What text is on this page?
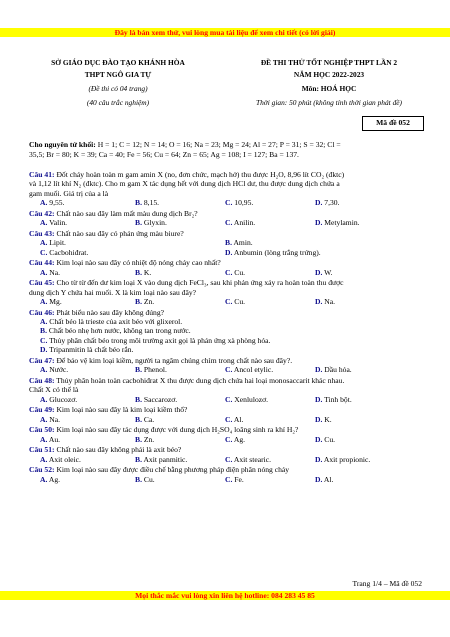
Đây là bản xem thử, vui lòng mua tài liệu để xem chi tiết (có lời giải)
SỞ GIÁO DỤC ĐÀO TẠO KHÁNH HÒA
THPT NGÔ GIA TỰ
(Đề thi có 04 trang)
(40 câu trắc nghiệm)
ĐỀ THI THỬ TỐT NGHIỆP THPT LẦN 2
NĂM HỌC 2022-2023
Môn: HOÁ HỌC
Thời gian: 50 phút (không tính thời gian phát đề)
Mã đề 052
Cho nguyên tử khối: H = 1; C = 12; N = 14; O = 16; Na = 23; Mg = 24; Al = 27; P = 31; S = 32; Cl =
35,5; Br = 80; K = 39; Ca = 40; Fe = 56; Cu = 64; Zn = 65; Ag = 108; I = 127; Ba = 137.
Câu 41: Đốt cháy hoàn toàn m gam amin X (no, đơn chức, mạch hở) thu được H₂O, 8,96 lít CO₂ (đktc)
và 1,12 lít khí N₂ (đktc). Cho m gam X tác dụng hết với dung dịch HCl dư, thu được dung dịch chứa a
gam muối. Giá trị của a là
A. 9,55.	B. 8,15.	C. 10,95.	D. 7,30.
Câu 42: Chất nào sau đây làm mất màu dung dịch Br₂?
A. Valin.	B. Glyxin.	C. Anilin.	D. Metylamin.
Câu 43: Chất nào sau đây có phản ứng màu biure?
A. Lipit.	B. Amin.
C. Cacbohiđrat.	D. Anbumin (lòng trắng trứng).
Câu 44: Kim loại nào sau đây có nhiệt độ nóng chảy cao nhất?
A. Na.	B. K.	C. Cu.	D. W.
Câu 45: Cho từ từ đến dư kim loại X vào dung dịch FeCl₃, sau khi phản ứng xảy ra hoàn toàn thu được
dung dịch Y chứa hai muối. X là kim loại nào sau đây?
A. Mg.	B. Zn.	C. Cu.	D. Na.
Câu 46: Phát biểu nào sau đây không đúng?
A. Chất béo là trieste của axit béo với glixerol.
B. Chất béo nhẹ hơn nước, không tan trong nước.
C. Thủy phân chất béo trong môi trường axit gọi là phản ứng xà phòng hóa.
D. Tripanmitin là chất béo rắn.
Câu 47: Để bảo vệ kim loại kiềm, người ta ngâm chúng chìm trong chất nào sau đây?.
A. Nước.	B. Phenol.	C. Ancol etylic.	D. Dầu hỏa.
Câu 48: Thủy phân hoàn toàn cacbohiđrat X thu được dung dịch chứa hai loại monosaccarit khác nhau.
Chất X có thể là
A. Glucozơ.	B. Saccarozơ.	C. Xenlulozơ.	D. Tinh bột.
Câu 49: Kim loại nào sau đây là kim loại kiềm thổ?
A. Na.	B. Ca.	C. Al.	D. K.
Câu 50: Kim loại nào sau đây tác dụng được với dung dịch H₂SO₄ loãng sinh ra khí H₂?
A. Au.	B. Zn.	C. Ag.	D. Cu.
Câu 51: Chất nào sau đây không phải là axit béo?
A. Axit oleic.	B. Axit panmitic.	C. Axit stearic.	D. Axit propionic.
Câu 52: Kim loại nào sau đây được điều chế bằng phương pháp điện phân nóng chảy
A. Ag.	B. Cu.	C. Fe.	D. Al.
Trang 1/4 – Mã đề 052
Mọi thắc mắc vui lòng xin liên hệ hotline: 084 283 45 85
